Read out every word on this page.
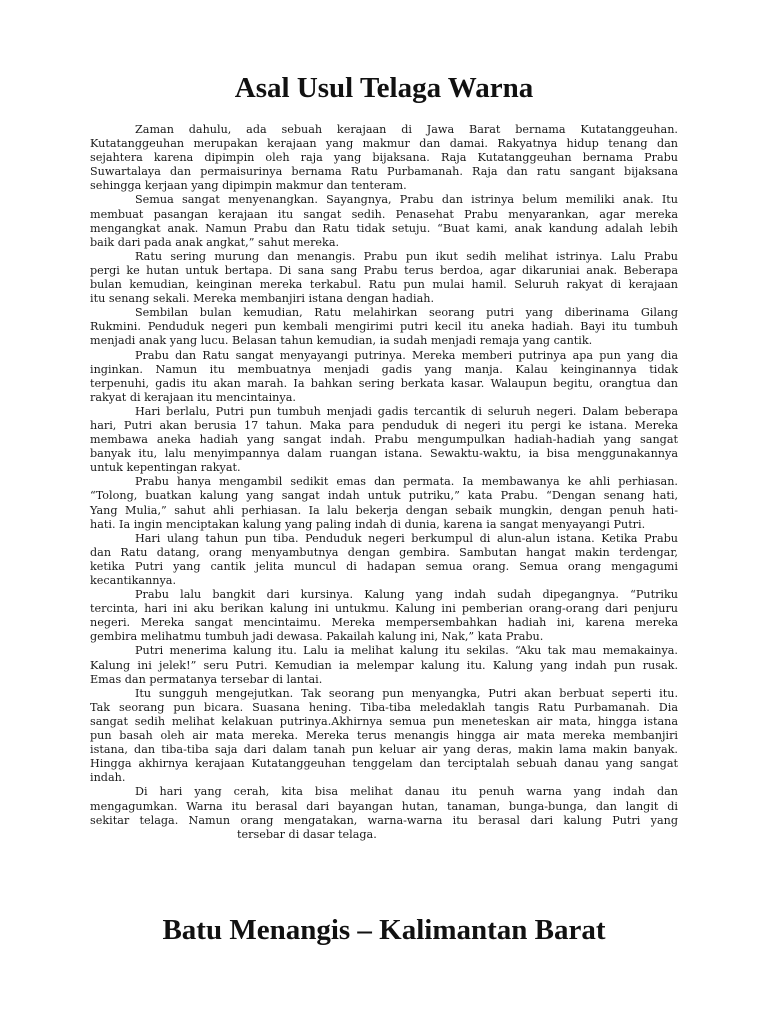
Asal Usul Telaga Warna
Zaman dahulu, ada sebuah kerajaan di Jawa Barat bernama Kutatanggeuhan.
Kutatanggeuhan merupakan kerajaan yang makmur dan damai. Rakyatnya hidup tenang dan
sejahtera karena dipimpin oleh raja yang bijaksana. Raja Kutatanggeuhan bernama Prabu
Suwartalaya dan permaisurinya bernama Ratu Purbamanah. Raja dan ratu sangant bijaksana
sehingga kerjaan yang dipimpin makmur dan tenteram.
Semua sangat menyenangkan. Sayangnya, Prabu dan istrinya belum memiliki anak. Itu
membuat pasangan kerajaan itu sangat sedih. Penasehat Prabu menyarankan, agar mereka
mengangkat anak. Namun Prabu dan Ratu tidak setuju. “Buat kami, anak kandung adalah lebih
baik dari pada anak angkat,” sahut mereka.
Ratu sering murung dan menangis. Prabu pun ikut sedih melihat istrinya. Lalu Prabu
pergi ke hutan untuk bertapa. Di sana sang Prabu terus berdoa, agar dikaruniai anak. Beberapa
bulan kemudian, keinginan mereka terkabul. Ratu pun mulai hamil. Seluruh rakyat di kerajaan
itu senang sekali. Mereka membanjiri istana dengan hadiah.
Sembilan bulan kemudian, Ratu melahirkan seorang putri yang diberinama Gilang
Rukmini. Penduduk negeri pun kembali mengirimi putri kecil itu aneka hadiah. Bayi itu tumbuh
menjadi anak yang lucu. Belasan tahun kemudian, ia sudah menjadi remaja yang cantik.
Prabu dan Ratu sangat menyayangi putrinya. Mereka memberi putrinya apa pun yang dia
inginkan. Namun itu membuatnya menjadi gadis yang manja. Kalau keinginannya tidak
terpenuhi, gadis itu akan marah. Ia bahkan sering berkata kasar. Walaupun begitu, orangtua dan
rakyat di kerajaan itu mencintainya.
Hari berlalu, Putri pun tumbuh menjadi gadis tercantik di seluruh negeri. Dalam beberapa
hari, Putri akan berusia 17 tahun. Maka para penduduk di negeri itu pergi ke istana. Mereka
membawa aneka hadiah yang sangat indah. Prabu mengumpulkan hadiah-hadiah yang sangat
banyak itu, lalu menyimpannya dalam ruangan istana. Sewaktu-waktu, ia bisa menggunakannya
untuk kepentingan rakyat.
Prabu hanya mengambil sedikit emas dan permata. Ia membawanya ke ahli perhiasan.
“Tolong, buatkan kalung yang sangat indah untuk putriku,” kata Prabu. “Dengan senang hati,
Yang Mulia,” sahut ahli perhiasan. Ia lalu bekerja dengan sebaik mungkin, dengan penuh hati-
hati. Ia ingin menciptakan kalung yang paling indah di dunia, karena ia sangat menyayangi Putri.
Hari ulang tahun pun tiba. Penduduk negeri berkumpul di alun-alun istana. Ketika Prabu
dan Ratu datang, orang menyambutnya dengan gembira. Sambutan hangat makin terdengar,
ketika Putri yang cantik jelita muncul di hadapan semua orang. Semua orang mengagumi
kecantikannya.
Prabu lalu bangkit dari kursinya. Kalung yang indah sudah dipegangnya. “Putriku
tercinta, hari ini aku berikan kalung ini untukmu. Kalung ini pemberian orang-orang dari penjuru
negeri. Mereka sangat mencintaimu. Mereka mempersembahkan hadiah ini, karena mereka
gembira melihatmu tumbuh jadi dewasa. Pakailah kalung ini, Nak,” kata Prabu.
Putri menerima kalung itu. Lalu ia melihat kalung itu sekilas. “Aku tak mau memakainya.
Kalung ini jelek!” seru Putri. Kemudian ia melempar kalung itu. Kalung yang indah pun rusak.
Emas dan permatanya tersebar di lantai.
Itu sungguh mengejutkan. Tak seorang pun menyangka, Putri akan berbuat seperti itu.
Tak seorang pun bicara. Suasana hening. Tiba-tiba meledaklah tangis Ratu Purbamanah. Dia
sangat sedih melihat kelakuan putrinya.Akhirnya semua pun meneteskan air mata, hingga istana
pun basah oleh air mata mereka. Mereka terus menangis hingga air mata mereka membanjiri
istana, dan tiba-tiba saja dari dalam tanah pun keluar air yang deras, makin lama makin banyak.
Hingga akhirnya kerajaan Kutatanggeuhan tenggelam dan terciptalah sebuah danau yang sangat
indah.
Di hari yang cerah, kita bisa melihat danau itu penuh warna yang indah dan
mengagumkan. Warna itu berasal dari bayangan hutan, tanaman, bunga-bunga, dan langit di
sekitar telaga. Namun orang mengatakan, warna-warna itu berasal dari kalung Putri yang
tersebar di dasar telaga.
Batu Menangis – Kalimantan Barat
